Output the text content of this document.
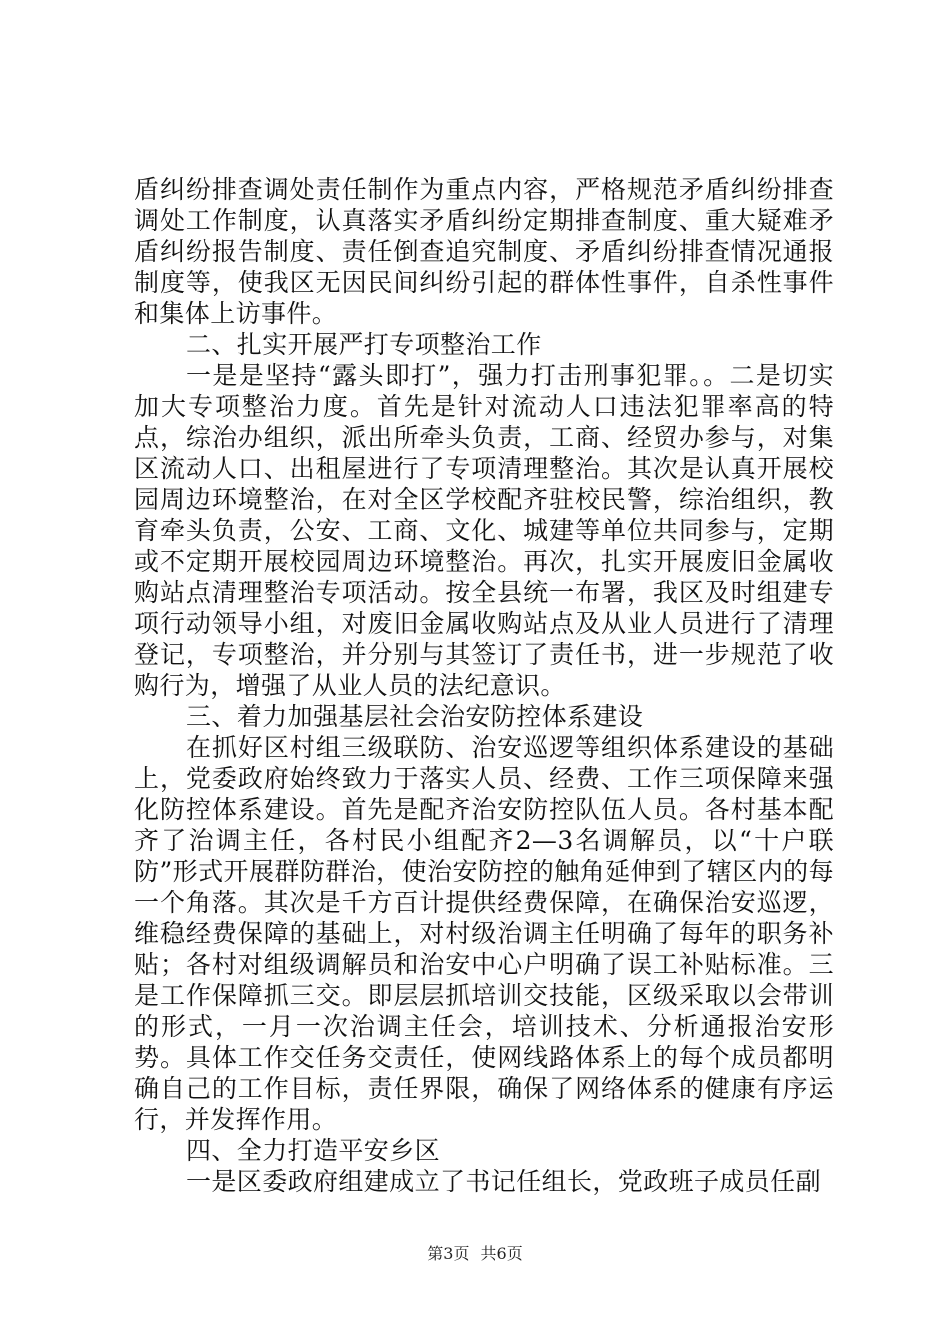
盾纠纷排查调处责任制作为重点内容，严格规范矛盾纠纷排查调处工作制度，认真落实矛盾纠纷定期排查制度、重大疑难矛盾纠纷报告制度、责任倒查追究制度、矛盾纠纷排查情况通报制度等，使我区无因民间纠纷引起的群体性事件，自杀性事件和集体上访事件。

二、扎实开展严打专项整治工作

一是是坚持“露头即打”，强力打击刑事犯罪。。二是切实加大专项整治力度。首先是针对流动人口违法犯罪率高的特点，综治办组织，派出所牵头负责，工商、经贸办参与，对集区流动人口、出租屋进行了专项清理整治。其次是认真开展校园周边环境整治，在对全区学校配齐驻校民警，综治组织，教育牵头负责，公安、工商、文化、城建等单位共同参与，定期或不定期开展校园周边环境整治。再次，扎实开展废旧金属收购站点清理整治专项活动。按全县统一布署，我区及时组建专项行动领导小组，对废旧金属收购站点及从业人员进行了清理登记，专项整治，并分别与其签订了责任书，进一步规范了收购行为，增强了从业人员的法纪意识。

三、着力加强基层社会治安防控体系建设

在抓好区村组三级联防、治安巡逻等组织体系建设的基础上，党委政府始终致力于落实人员、经费、工作三项保障来强化防控体系建设。首先是配齐治安防控队伍人员。各村基本配齐了治调主任，各村民小组配齐2—3名调解员，以“十户联防”形式开展群防群治，使治安防控的触角延伸到了辖区内的每一个角落。其次是千方百计提供经费保障，在确保治安巡逻，维稳经费保障的基础上，对村级治调主任明确了每年的职务补贴；各村对组级调解员和治安中心户明确了误工补贴标准。三是工作保障抓三交。即层层抓培训交技能，区级采取以会带训的形式，一月一次治调主任会，培训技术、分析通报治安形势。具体工作交任务交责任，使网线路体系上的每个成员都明确自己的工作目标，责任界限，确保了网络体系的健康有序运行，并发挥作用。

四、全力打造平安乡区

一是区委政府组建成立了书记任组长，党政班子成员任副

第3页 共6页
